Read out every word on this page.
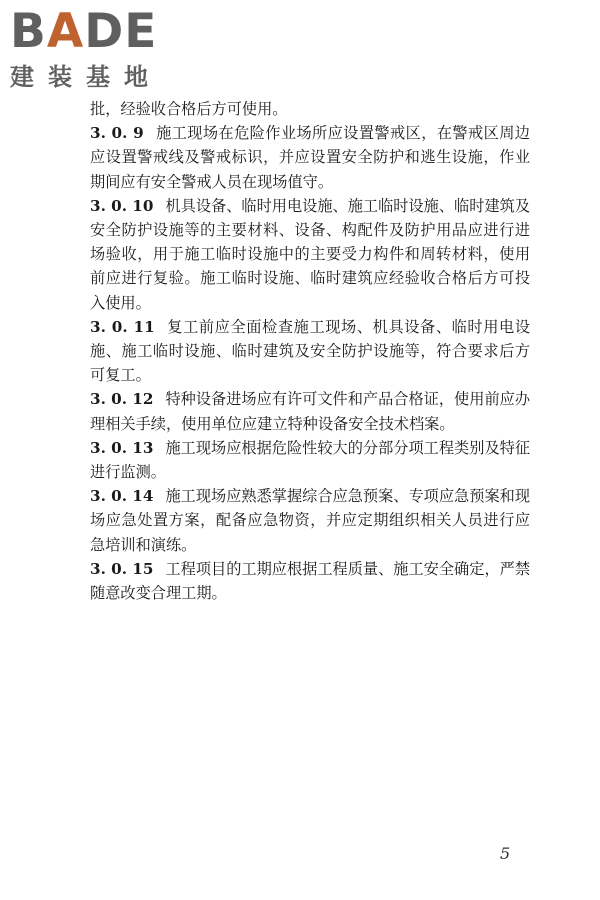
BADE
建装基地

批，经验收合格后方可使用。

3. 0. 9 施工现场在危险作业场所应设置警戒区，在警戒区周边应设置警戒线及警戒标识，并应设置安全防护和逃生设施，作业期间应有安全警戒人员在现场值守。

3. 0. 10 机具设备、临时用电设施、施工临时设施、临时建筑及安全防护设施等的主要材料、设备、构配件及防护用品应进行进场验收，用于施工临时设施中的主要受力构件和周转材料，使用前应进行复验。施工临时设施、临时建筑应经验收合格后方可投入使用。

3. 0. 11 复工前应全面检查施工现场、机具设备、临时用电设施、施工临时设施、临时建筑及安全防护设施等，符合要求后方可复工。

3. 0. 12 特种设备进场应有许可文件和产品合格证，使用前应办理相关手续，使用单位应建立特种设备安全技术档案。

3. 0. 13 施工现场应根据危险性较大的分部分项工程类别及特征进行监测。

3. 0. 14 施工现场应熟悉掌握综合应急预案、专项应急预案和现场应急处置方案，配备应急物资，并应定期组织相关人员进行应急培训和演练。

3. 0. 15 工程项目的工期应根据工程质量、施工安全确定，严禁随意改变合理工期。

5
